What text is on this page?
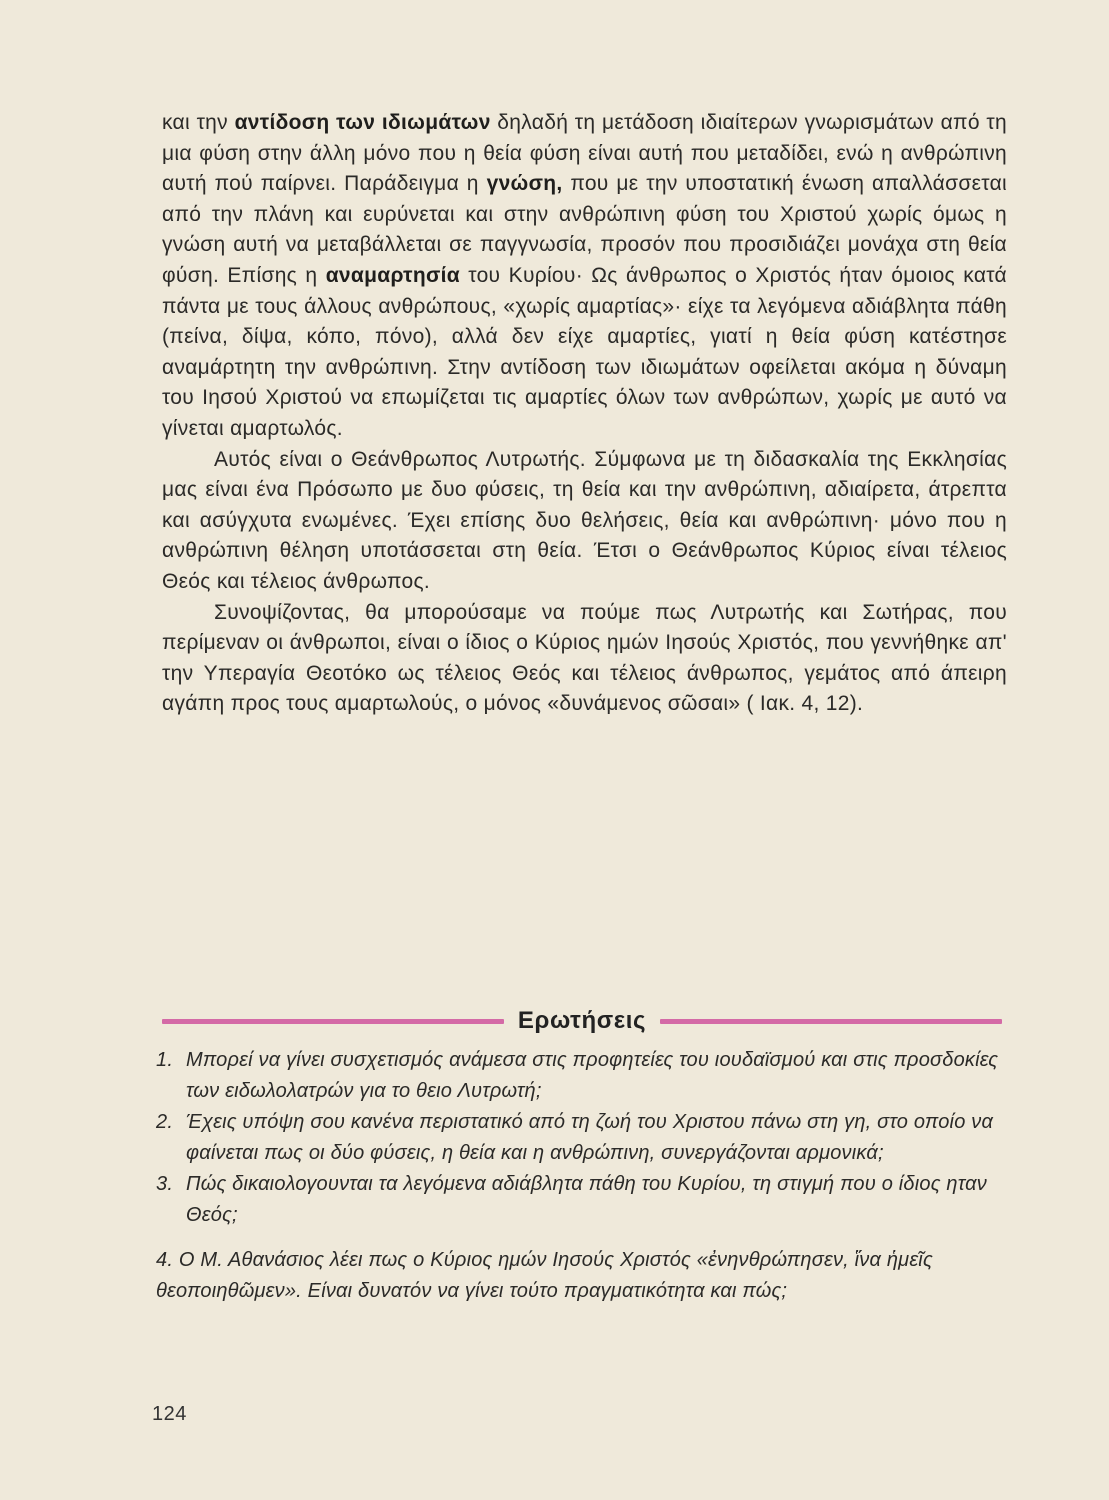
και την αντίδοση των ιδιωμάτων δηλαδή τη μετάδοση ιδιαίτερων γνωρισμάτων από τη μια φύση στην άλλη μόνο που η θεία φύση είναι αυτή που μεταδίδει, ενώ η ανθρώπινη αυτή πού παίρνει. Παράδειγμα η γνώση, που με την υποστατική ένωση απαλλάσσεται από την πλάνη και ευρύνεται και στην ανθρώπινη φύση του Χριστού χωρίς όμως η γνώση αυτή να μεταβάλλεται σε παγγνωσία, προσόν που προσιδιάζει μονάχα στη θεία φύση. Επίσης η αναμαρτησία του Κυρίου· Ως άνθρωπος ο Χριστός ήταν όμοιος κατά πάντα με τους άλλους ανθρώπους, «χωρίς αμαρτίας»· είχε τα λεγόμενα αδιάβλητα πάθη (πείνα, δίψα, κόπο, πόνο), αλλά δεν είχε αμαρτίες, γιατί η θεία φύση κατέστησε αναμάρτητη την ανθρώπινη. Στην αντίδοση των ιδιωμάτων οφείλεται ακόμα η δύναμη του Ιησού Χριστού να επωμίζεται τις αμαρτίες όλων των ανθρώπων, χωρίς με αυτό να γίνεται αμαρτωλός.

Αυτός είναι ο Θεάνθρωπος Λυτρωτής. Σύμφωνα με τη διδασκαλία της Εκκλησίας μας είναι ένα Πρόσωπο με δυο φύσεις, τη θεία και την ανθρώπινη, αδιαίρετα, άτρεπτα και ασύγχυτα ενωμένες. Έχει επίσης δυο θελήσεις, θεία και ανθρώπινη· μόνο που η ανθρώπινη θέληση υποτάσσεται στη θεία. Έτσι ο Θεάνθρωπος Κύριος είναι τέλειος Θεός και τέλειος άνθρωπος.

Συνοψίζοντας, θα μπορούσαμε να πούμε πως Λυτρωτής και Σωτήρας, που περίμεναν οι άνθρωποι, είναι ο ίδιος ο Κύριος ημών Ιησούς Χριστός, που γεννήθηκε απ' την Υπεραγία Θεοτόκο ως τέλειος Θεός και τέλειος άνθρωπος, γεμάτος από άπειρη αγάπη προς τους αμαρτωλούς, ο μόνος «δυνάμενος σῶσαι» ( Ιακ. 4, 12).

Ερωτήσεις
1. Μπορεί να γίνει συσχετισμός ανάμεσα στις προφητείες του ιουδαϊσμού και στις προσδοκίες των ειδωλολατρών για το θειο Λυτρωτή;
2. Έχεις υπόψη σου κανένα περιστατικό από τη ζωή του Χριστου πάνω στη γη, στο οποίο να φαίνεται πως οι δύο φύσεις, η θεία και η ανθρώπινη, συνεργάζονται αρμονικά;
3. Πώς δικαιολογουνται τα λεγόμενα αδιάβλητα πάθη του Κυρίου, τη στιγμή που ο ίδιος ηταν Θεός;
4. Ο Μ. Αθανάσιος λέει πως ο Κύριος ημών Ιησούς Χριστός «ἐνηνθρώπησεν, ἵνα ἡμεῖς θεοποιηθῶμεν». Είναι δυνατόν να γίνει τούτο πραγματικότητα και πώς;
124
